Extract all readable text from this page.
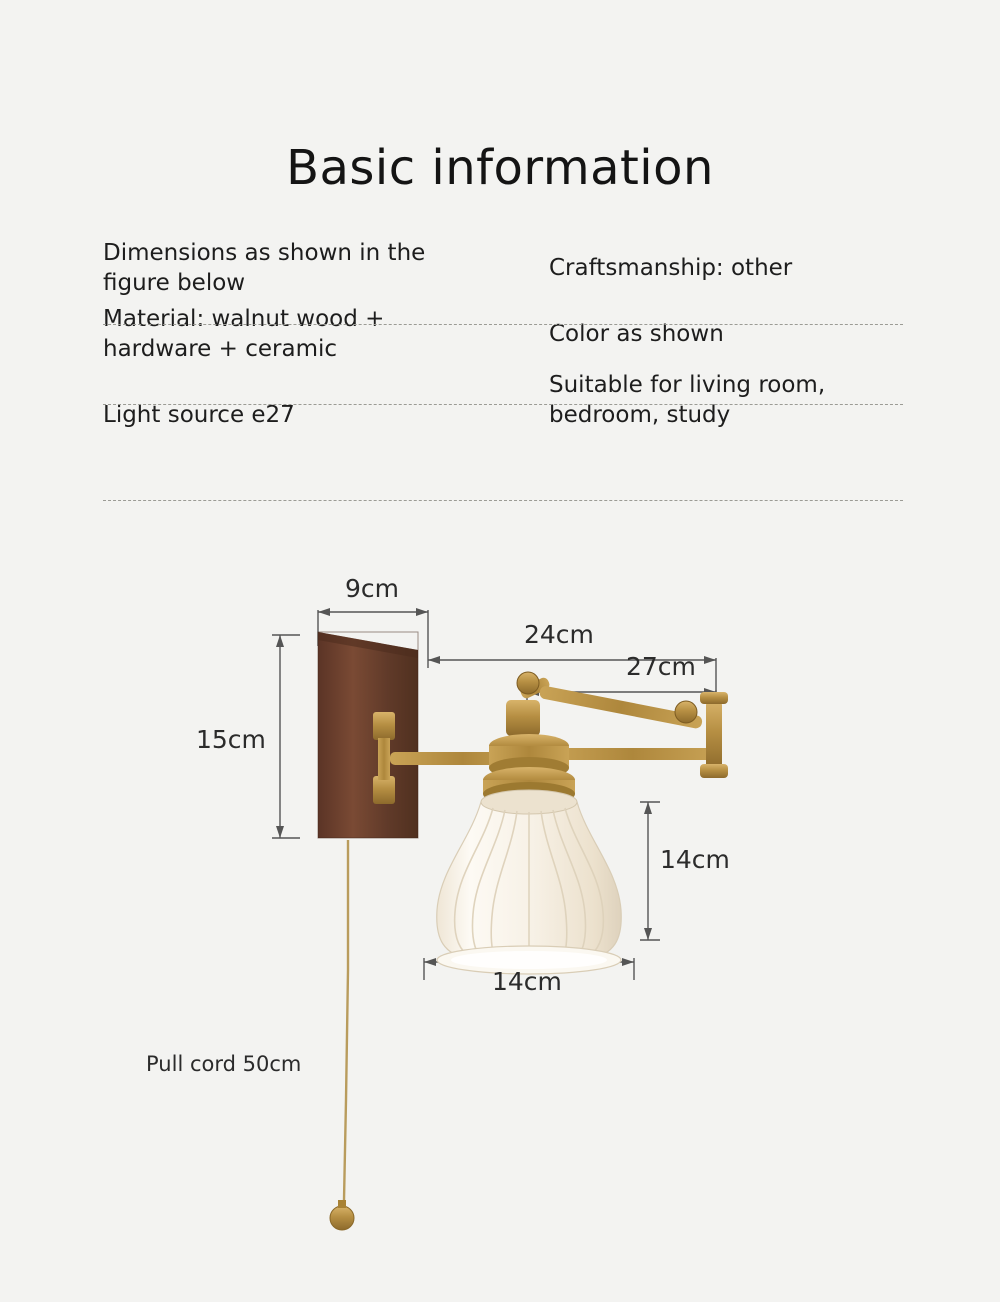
Basic information
Dimensions as shown in the figure below
Craftsmanship: other
Material: walnut wood + hardware + ceramic
Color as shown
Light source e27
Suitable for living room, bedroom, study
9cm
24cm
27cm
15cm
14cm
14cm
Pull cord 50cm
